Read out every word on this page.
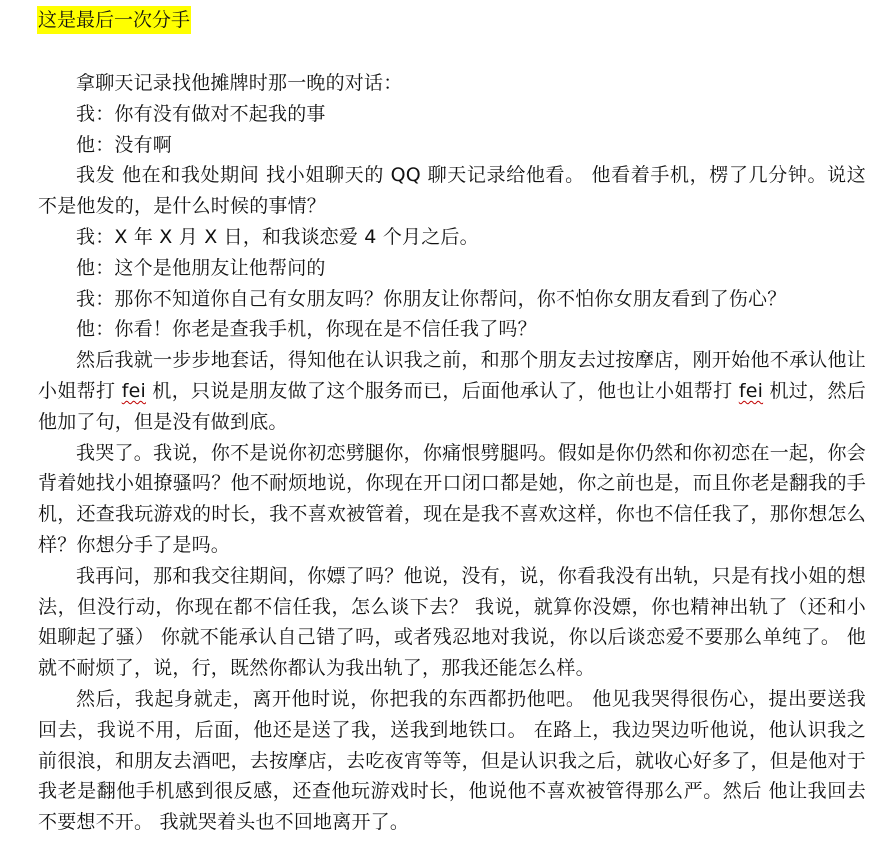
这是最后一次分手

拿聊天记录找他摊牌时那一晚的对话：

我：你有没有做对不起我的事

他：没有啊

我发 他在和我处期间 找小姐聊天的 QQ 聊天记录给他看。 他看着手机，楞了几分钟。说这不是他发的，是什么时候的事情？

我：X 年 X 月 X 日，和我谈恋爱 4 个月之后。

他：这个是他朋友让他帮问的

我：那你不知道你自己有女朋友吗？你朋友让你帮问，你不怕你女朋友看到了伤心？

他：你看！你老是查我手机，你现在是不信任我了吗？

然后我就一步步地套话，得知他在认识我之前，和那个朋友去过按摩店，刚开始他不承认他让小姐帮打 fei 机，只说是朋友做了这个服务而已，后面他承认了，他也让小姐帮打 fei 机过，然后他加了句，但是没有做到底。

我哭了。我说，你不是说你初恋劈腿你，你痛恨劈腿吗。假如是你仍然和你初恋在一起，你会背着她找小姐撩骚吗？他不耐烦地说，你现在开口闭口都是她，你之前也是，而且你老是翻我的手机，还查我玩游戏的时长，我不喜欢被管着，现在是我不喜欢这样，你也不信任我了，那你想怎么样？你想分手了是吗。

我再问，那和我交往期间，你嫖了吗？他说，没有，说，你看我没有出轨，只是有找小姐的想法，但没行动，你现在都不信任我，怎么谈下去？ 我说，就算你没嫖，你也精神出轨了（还和小姐聊起了骚） 你就不能承认自己错了吗，或者残忍地对我说，你以后谈恋爱不要那么单纯了。 他就不耐烦了，说，行，既然你都认为我出轨了，那我还能怎么样。

然后，我起身就走，离开他时说，你把我的东西都扔他吧。 他见我哭得很伤心，提出要送我回去，我说不用，后面，他还是送了我，送我到地铁口。 在路上，我边哭边听他说，他认识我之前很浪，和朋友去酒吧，去按摩店，去吃夜宵等等，但是认识我之后，就收心好多了，但是他对于我老是翻他手机感到很反感，还查他玩游戏时长，他说他不喜欢被管得那么严。然后 他让我回去不要想不开。 我就哭着头也不回地离开了。
